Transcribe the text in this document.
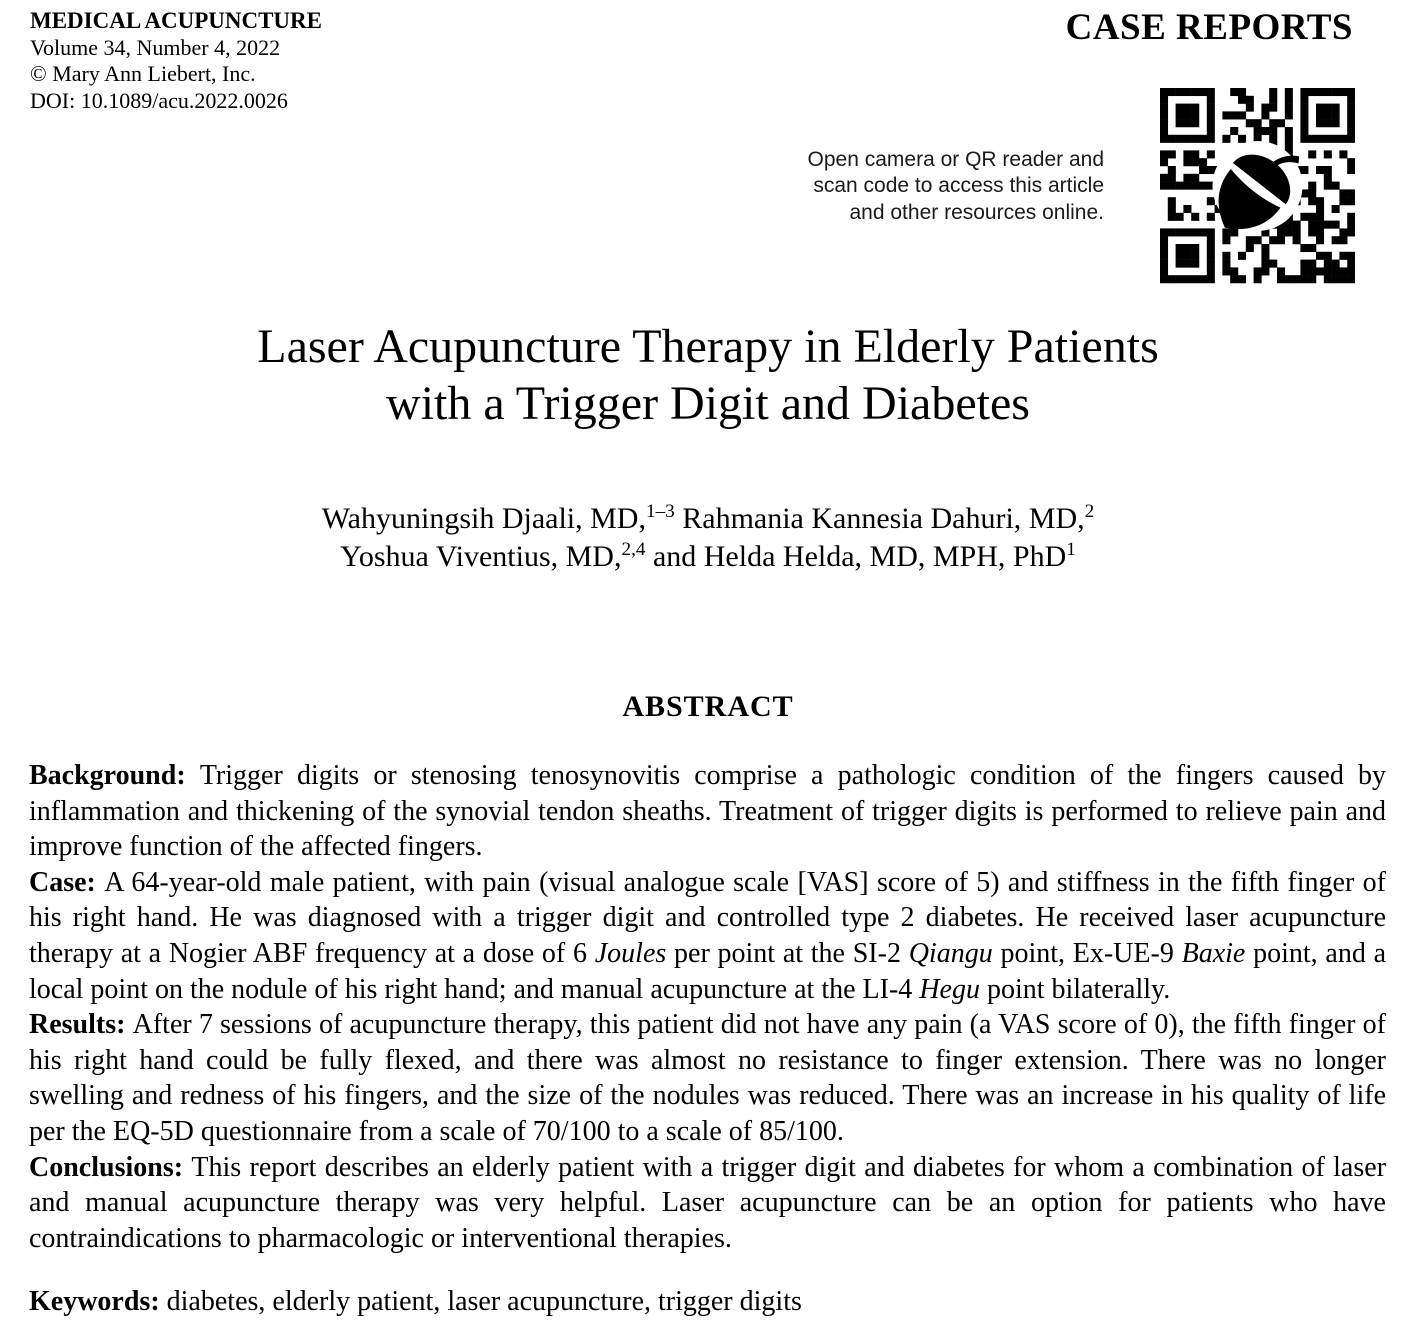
MEDICAL ACUPUNCTURE
Volume 34, Number 4, 2022
© Mary Ann Liebert, Inc.
DOI: 10.1089/acu.2022.0026
CASE REPORTS
Open camera or QR reader and
scan code to access this article
and other resources online.
Laser Acupuncture Therapy in Elderly Patients
with a Trigger Digit and Diabetes
Wahyuningsih Djaali, MD,$^{1-3}$ Rahmania Kannesia Dahuri, MD,$^2$
Yoshua Viventius, MD,$^{2,4}$ and Helda Helda, MD, MPH, PhD$^1$
ABSTRACT

Background: Trigger digits or stenosing tenosynovitis comprise a pathologic condition of the fingers caused by inflammation and thickening of the synovial tendon sheaths. Treatment of trigger digits is performed to relieve pain and improve function of the affected fingers.

Case: A 64-year-old male patient, with pain (visual analogue scale [VAS] score of 5) and stiffness in the fifth finger of his right hand. He was diagnosed with a trigger digit and controlled type 2 diabetes. He received laser acupuncture therapy at a Nogier ABF frequency at a dose of 6 Joules per point at the SI-2 Qiangu point, Ex-UE-9 Baxie point, and a local point on the nodule of his right hand; and manual acupuncture at the LI-4 Hegu point bilaterally.

Results: After 7 sessions of acupuncture therapy, this patient did not have any pain (a VAS score of 0), the fifth finger of his right hand could be fully flexed, and there was almost no resistance to finger extension. There was no longer swelling and redness of his fingers, and the size of the nodules was reduced. There was an increase in his quality of life per the EQ-5D questionnaire from a scale of 70/100 to a scale of 85/100.

Conclusions: This report describes an elderly patient with a trigger digit and diabetes for whom a combination of laser and manual acupuncture therapy was very helpful. Laser acupuncture can be an option for patients who have contraindications to pharmacologic or interventional therapies.

Keywords: diabetes, elderly patient, laser acupuncture, trigger digits
